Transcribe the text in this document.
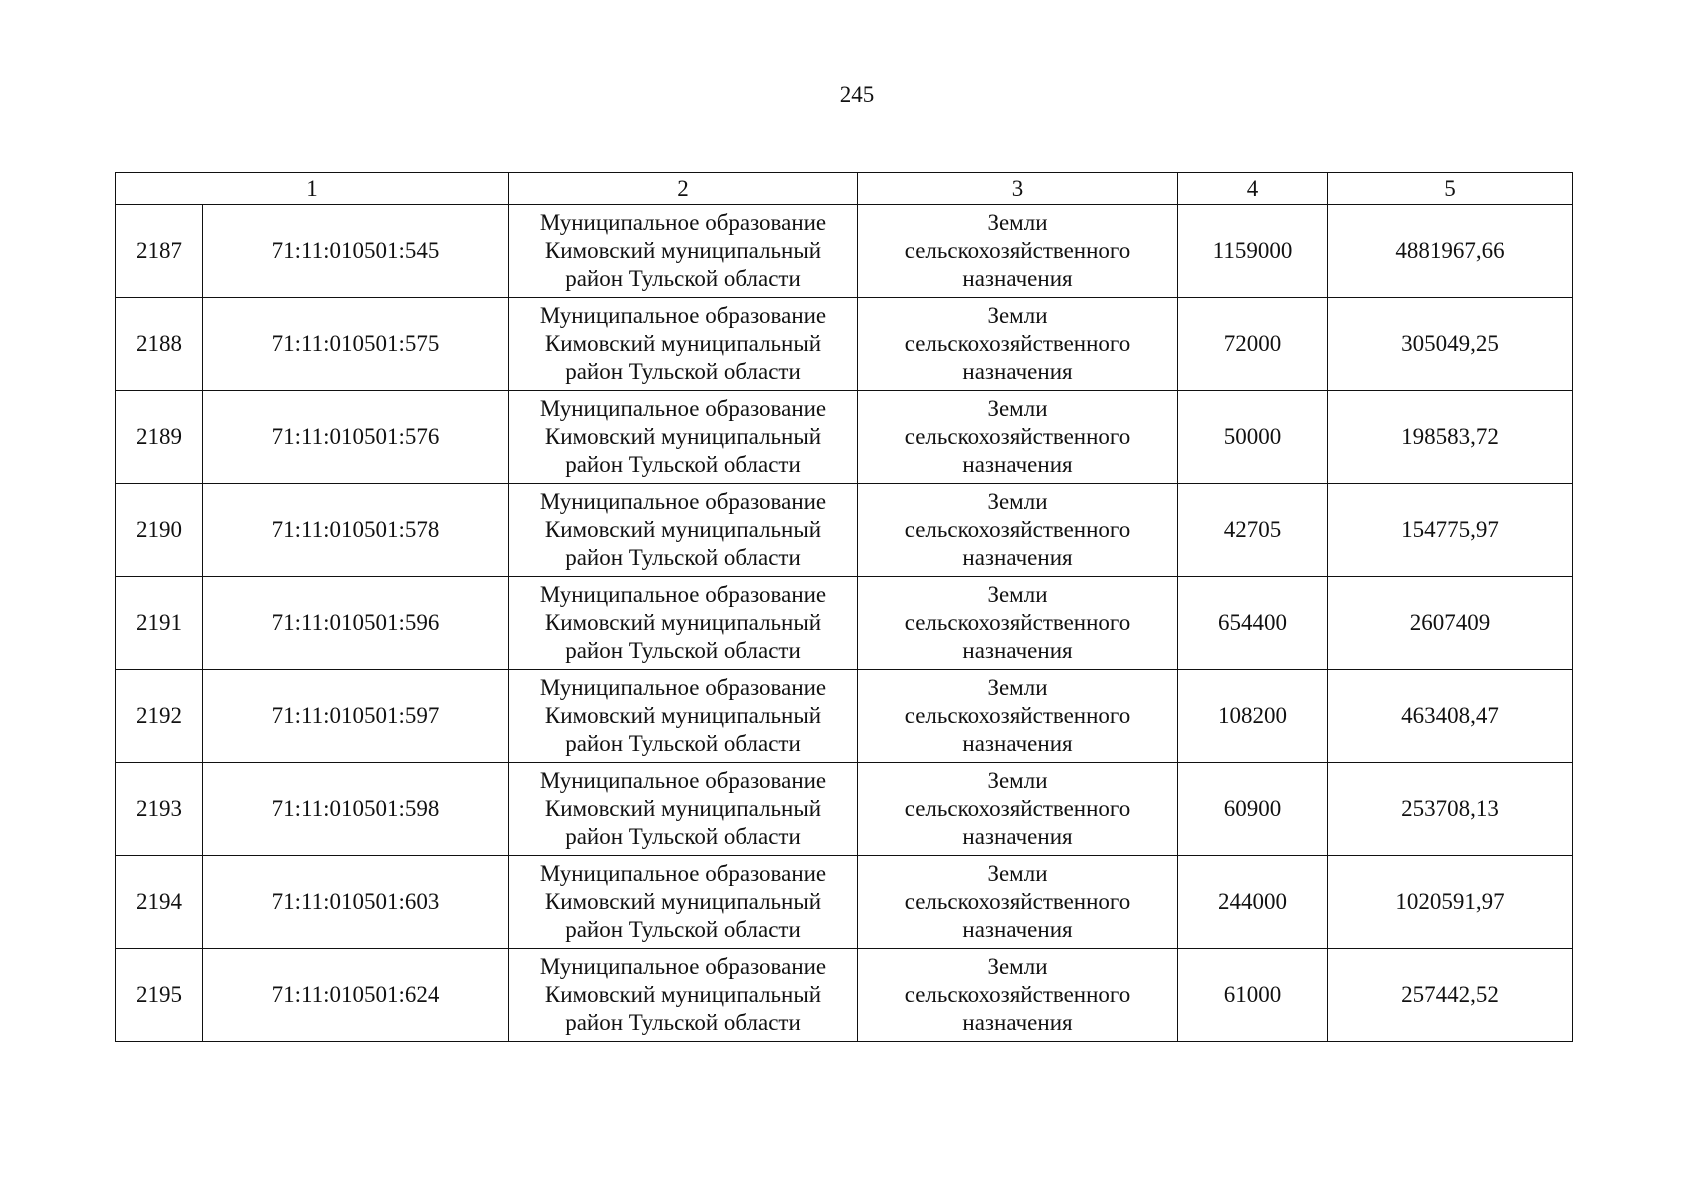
245
1		2	3	4	5
2187	71:11:010501:545	Муниципальное образование
Кимовский муниципальный
район Тульской области	Земли
сельскохозяйственного
назначения	1159000	4881967,66
2188	71:11:010501:575	Муниципальное образование
Кимовский муниципальный
район Тульской области	Земли
сельскохозяйственного
назначения	72000	305049,25
2189	71:11:010501:576	Муниципальное образование
Кимовский муниципальный
район Тульской области	Земли
сельскохозяйственного
назначения	50000	198583,72
2190	71:11:010501:578	Муниципальное образование
Кимовский муниципальный
район Тульской области	Земли
сельскохозяйственного
назначения	42705	154775,97
2191	71:11:010501:596	Муниципальное образование
Кимовский муниципальный
район Тульской области	Земли
сельскохозяйственного
назначения	654400	2607409
2192	71:11:010501:597	Муниципальное образование
Кимовский муниципальный
район Тульской области	Земли
сельскохозяйственного
назначения	108200	463408,47
2193	71:11:010501:598	Муниципальное образование
Кимовский муниципальный
район Тульской области	Земли
сельскохозяйственного
назначения	60900	253708,13
2194	71:11:010501:603	Муниципальное образование
Кимовский муниципальный
район Тульской области	Земли
сельскохозяйственного
назначения	244000	1020591,97
2195	71:11:010501:624	Муниципальное образование
Кимовский муниципальный
район Тульской области	Земли
сельскохозяйственного
назначения	61000	257442,52
